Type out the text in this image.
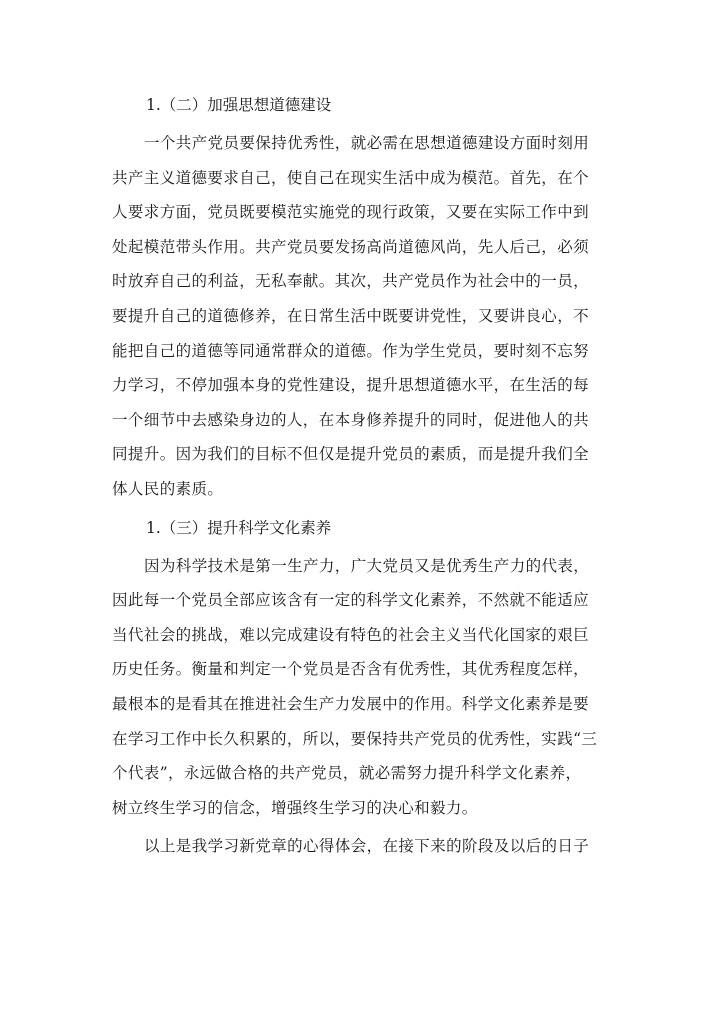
1.（二）加强思想道德建设
一个共产党员要保持优秀性，就必需在思想道德建设方面时刻用
共产主义道德要求自己，使自己在现实生活中成为模范。首先，在个
人要求方面，党员既要模范实施党的现行政策，又要在实际工作中到
处起模范带头作用。共产党员要发扬高尚道德风尚，先人后己，必须
时放弃自己的利益，无私奉献。其次，共产党员作为社会中的一员，
要提升自己的道德修养，在日常生活中既要讲党性，又要讲良心，不
能把自己的道德等同通常群众的道德。作为学生党员，要时刻不忘努
力学习，不停加强本身的党性建设，提升思想道德水平，在生活的每
一个细节中去感染身边的人，在本身修养提升的同时，促进他人的共
同提升。因为我们的目标不但仅是提升党员的素质，而是提升我们全
体人民的素质。
1.（三）提升科学文化素养
因为科学技术是第一生产力，广大党员又是优秀生产力的代表，
因此每一个党员全部应该含有一定的科学文化素养，不然就不能适应
当代社会的挑战，难以完成建设有特色的社会主义当代化国家的艰巨
历史任务。衡量和判定一个党员是否含有优秀性，其优秀程度怎样，
最根本的是看其在推进社会生产力发展中的作用。科学文化素养是要
在学习工作中长久积累的，所以，要保持共产党员的优秀性，实践“三
个代表”，永远做合格的共产党员，就必需努力提升科学文化素养，
树立终生学习的信念，增强终生学习的决心和毅力。
以上是我学习新党章的心得体会，在接下来的阶段及以后的日子
